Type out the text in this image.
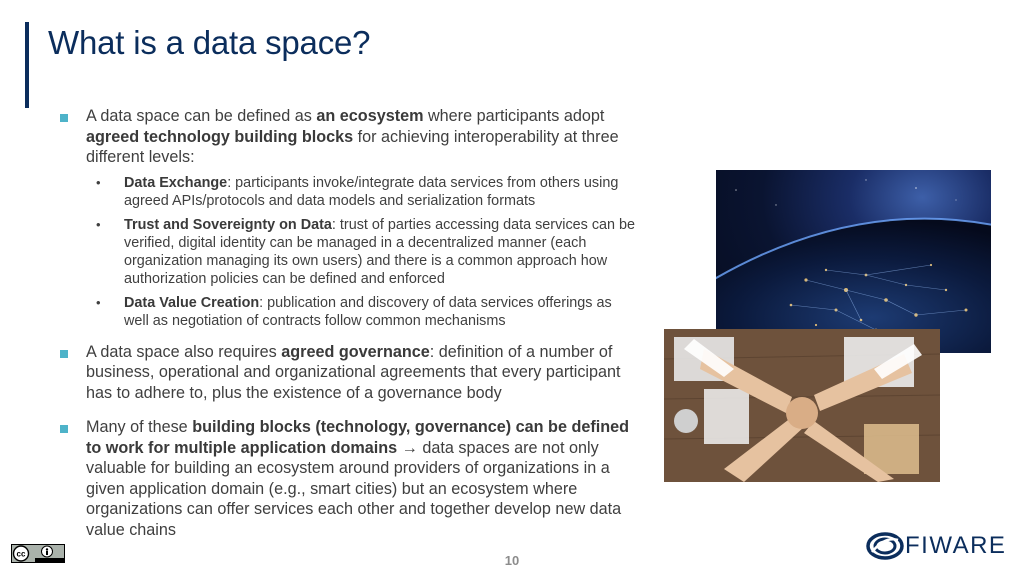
What is a data space?
A data space can be defined as an ecosystem where participants adopt agreed technology building blocks for achieving interoperability at three different levels:
• Data Exchange: participants invoke/integrate data services from others using agreed APIs/protocols and data models and serialization formats
• Trust and Sovereignty on Data: trust of parties accessing data services can be verified, digital identity can be managed in a decentralized manner (each organization managing its own users) and there is a common approach how authorization policies can be defined and enforced
• Data Value Creation: publication and discovery of data services offerings as well as negotiation of contracts follow common mechanisms
A data space also requires agreed governance: definition of a number of business, operational and organizational agreements that every participant has to adhere to, plus the existence of a governance body
Many of these building blocks (technology, governance) can be defined to work for multiple application domains → data spaces are not only valuable for building an ecosystem around providers of organizations in a given application domain (e.g., smart cities) but an ecosystem where organizations can offer services each other and together develop new data value chains
cc	10
FIWARE
